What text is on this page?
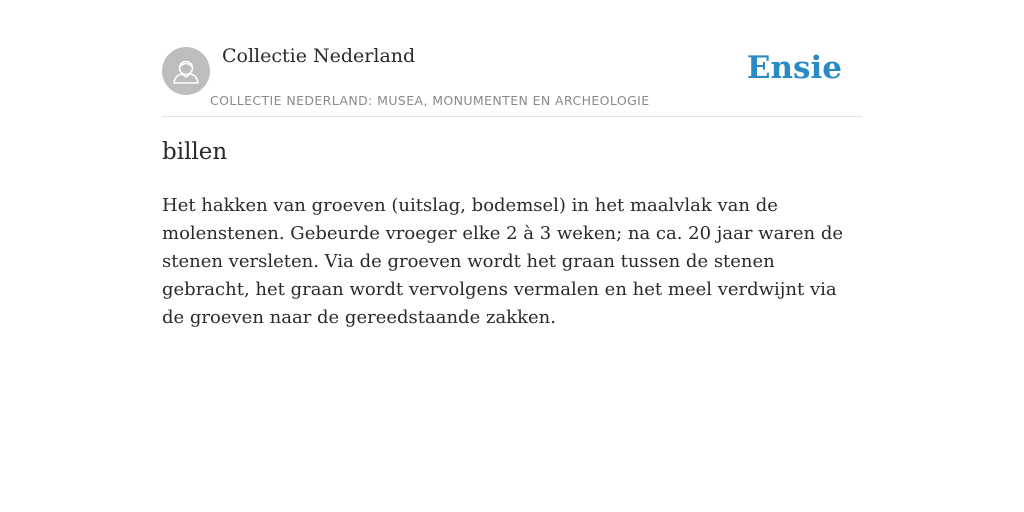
Collectie Nederland
COLLECTIE NEDERLAND: MUSEA, MONUMENTEN EN ARCHEOLOGIE
Ensie
billen

Het hakken van groeven (uitslag, bodemsel) in het maalvlak van de molenstenen. Gebeurde vroeger elke 2 à 3 weken; na ca. 20 jaar waren de stenen versleten. Via de groeven wordt het graan tussen de stenen gebracht, het graan wordt vervolgens vermalen en het meel verdwijnt via de groeven naar de gereedstaande zakken.
